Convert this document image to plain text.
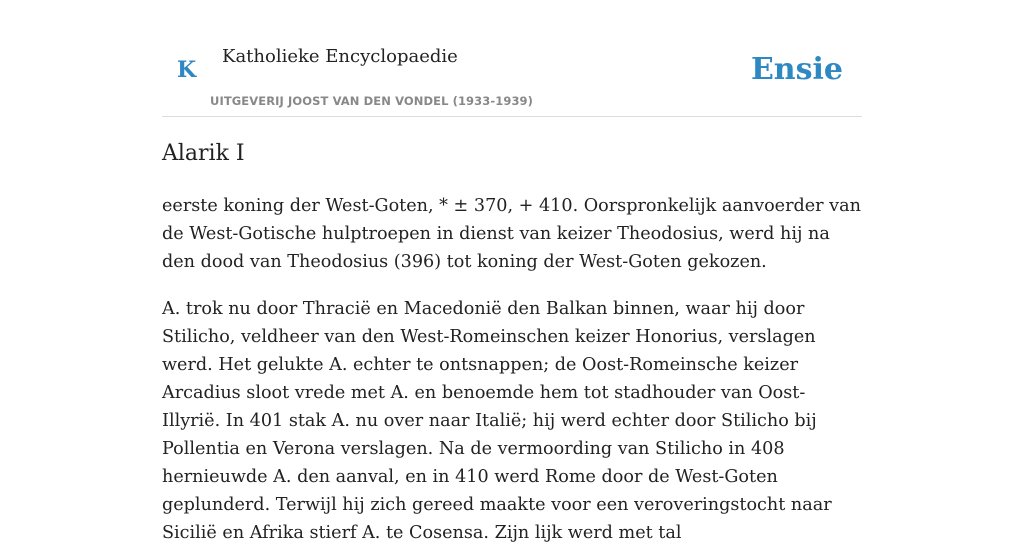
K
Katholieke Encyclopaedie
UITGEVERIJ JOOST VAN DEN VONDEL (1933-1939)
Ensie
Alarik I

eerste koning der West-Goten, * ± 370, + 410. Oorspronkelijk aanvoerder van de West-Gotische hulptroepen in dienst van keizer Theodosius, werd hij na den dood van Theodosius (396) tot koning der West-Goten gekozen.

A. trok nu door Thracië en Macedonië den Balkan binnen, waar hij door Stilicho, veldheer van den West-Romeinschen keizer Honorius, verslagen werd. Het gelukte A. echter te ontsnappen; de Oost-Romeinsche keizer Arcadius sloot vrede met A. en benoemde hem tot stadhouder van Oost-Illyrië. In 401 stak A. nu over naar Italië; hij werd echter door Stilicho bij Pollentia en Verona verslagen. Na de vermoording van Stilicho in 408 hernieuwde A. den aanval, en in 410 werd Rome door de West-Goten geplunderd. Terwijl hij zich gereed maakte voor een veroveringstocht naar Sicilië en Afrika stierf A. te Cosensa. Zijn lijk werd met tal
